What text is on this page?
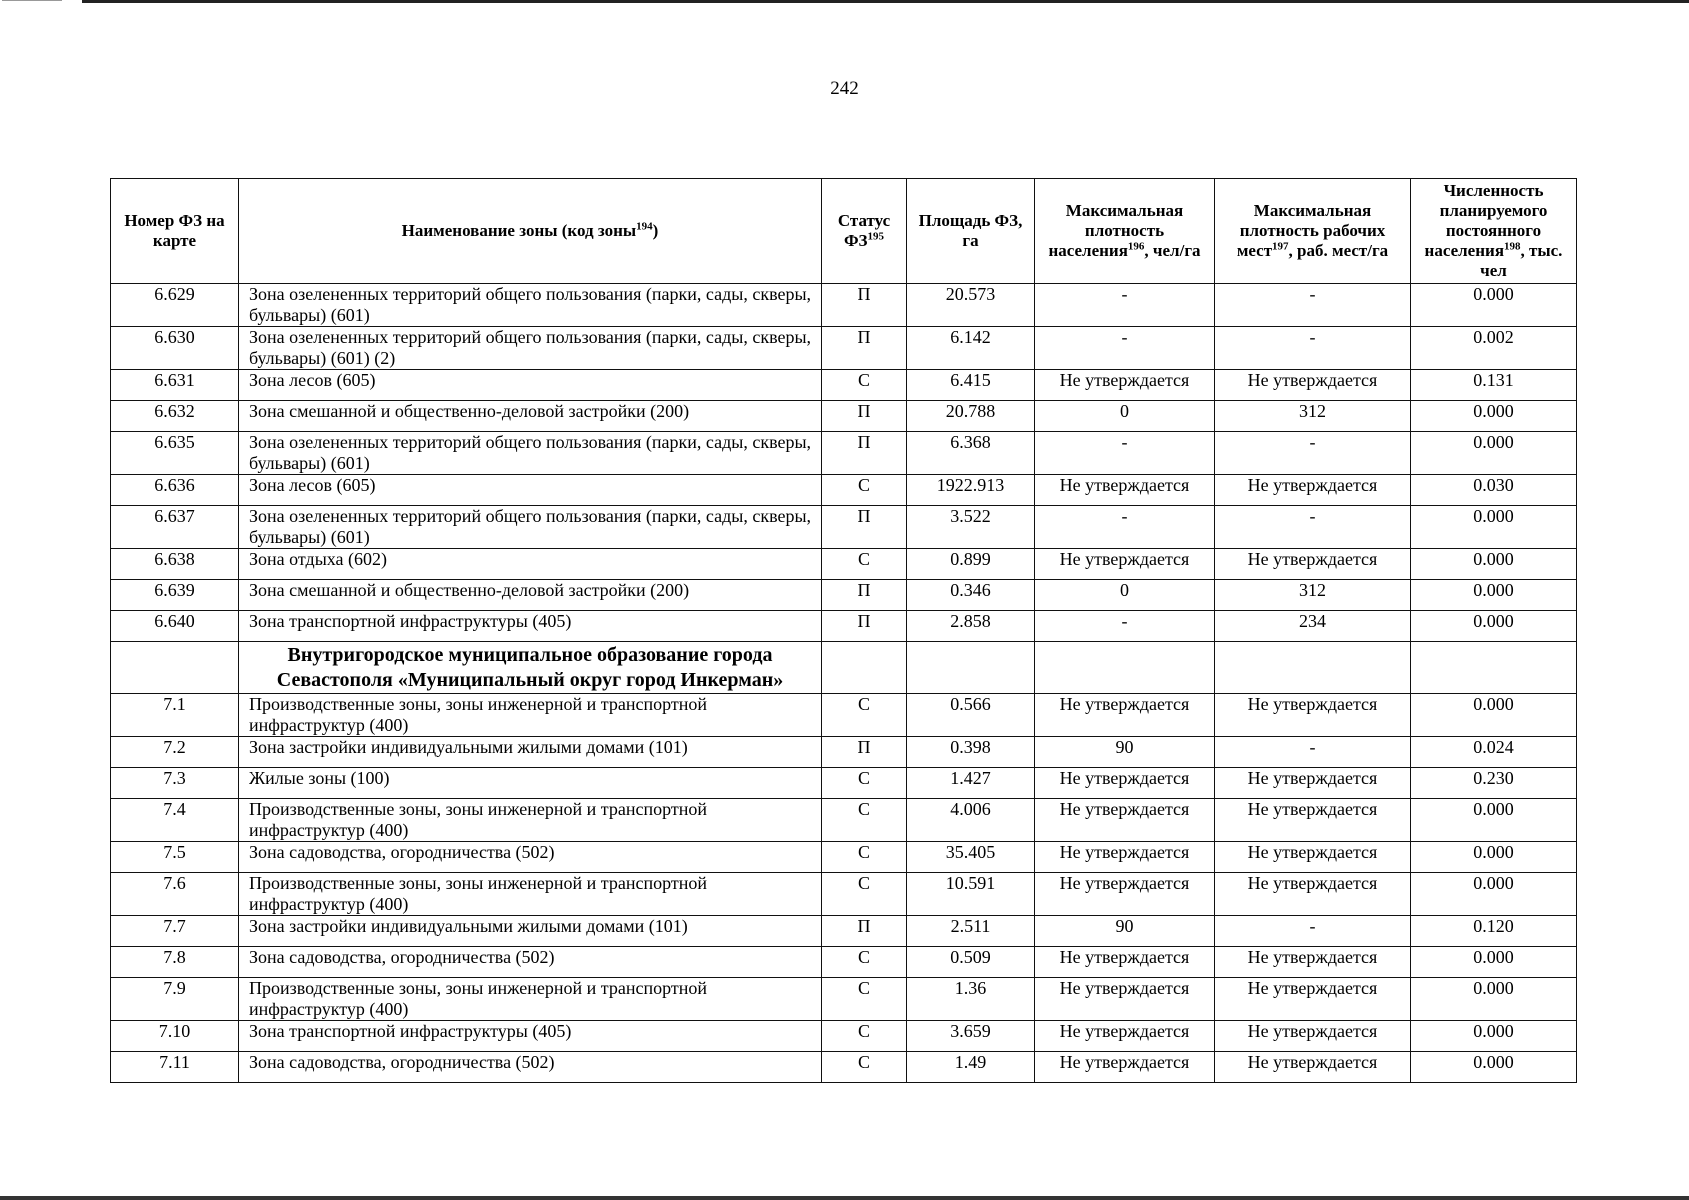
242
Номер ФЗ на карте	Наименование зоны (код зоны$^{194}$)	Статус ФЗ$^{195}$	Площадь ФЗ, га	Максимальная плотность населения$^{196}$, чел/га	Максимальная плотность рабочих мест$^{197}$, раб. мест/га	Численность планируемого постоянного населения$^{198}$, тыс. чел
6.629	Зона озелененных территорий общего пользования (парки, сады, скверы, бульвары) (601)	П	20.573	-	-	0.000
6.630	Зона озелененных территорий общего пользования (парки, сады, скверы, бульвары) (601) (2)	П	6.142	-	-	0.002
6.631	Зона лесов (605)	С	6.415	Не утверждается	Не утверждается	0.131
6.632	Зона смешанной и общественно-деловой застройки (200)	П	20.788	0	312	0.000
6.635	Зона озелененных территорий общего пользования (парки, сады, скверы, бульвары) (601)	П	6.368	-	-	0.000
6.636	Зона лесов (605)	С	1922.913	Не утверждается	Не утверждается	0.030
6.637	Зона озелененных территорий общего пользования (парки, сады, скверы, бульвары) (601)	П	3.522	-	-	0.000
6.638	Зона отдыха (602)	С	0.899	Не утверждается	Не утверждается	0.000
6.639	Зона смешанной и общественно-деловой застройки (200)	П	0.346	0	312	0.000
6.640	Зона транспортной инфраструктуры (405)	П	2.858	-	234	0.000
	Внутригородское муниципальное образование города Севастополя «Муниципальный округ город Инкерман»					
7.1	Производственные зоны, зоны инженерной и транспортной инфраструктур (400)	С	0.566	Не утверждается	Не утверждается	0.000
7.2	Зона застройки индивидуальными жилыми домами (101)	П	0.398	90	-	0.024
7.3	Жилые зоны (100)	С	1.427	Не утверждается	Не утверждается	0.230
7.4	Производственные зоны, зоны инженерной и транспортной инфраструктур (400)	С	4.006	Не утверждается	Не утверждается	0.000
7.5	Зона садоводства, огородничества (502)	С	35.405	Не утверждается	Не утверждается	0.000
7.6	Производственные зоны, зоны инженерной и транспортной инфраструктур (400)	С	10.591	Не утверждается	Не утверждается	0.000
7.7	Зона застройки индивидуальными жилыми домами (101)	П	2.511	90	-	0.120
7.8	Зона садоводства, огородничества (502)	С	0.509	Не утверждается	Не утверждается	0.000
7.9	Производственные зоны, зоны инженерной и транспортной инфраструктур (400)	С	1.36	Не утверждается	Не утверждается	0.000
7.10	Зона транспортной инфраструктуры (405)	С	3.659	Не утверждается	Не утверждается	0.000
7.11	Зона садоводства, огородничества (502)	С	1.49	Не утверждается	Не утверждается	0.000
